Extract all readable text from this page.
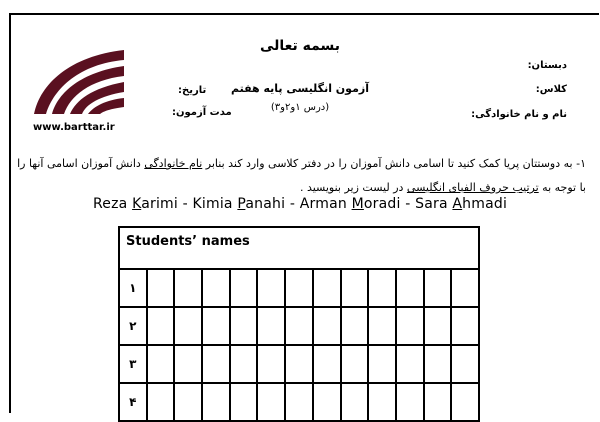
بسمه تعالی
دبستان:
کلاس:
نام و نام خانوادگی:
آزمون انگلیسی پایه هفتم
(درس ۱و۲و۳)
تاریخ:
مدت آزمون:
www.barttar.ir
۱- به دوستتان پریا کمک کنید تا اسامی دانش آموزان را در دفتر کلاسی وارد کند بنابر نام خانوادگی دانش آموزان اسامی آنها را با توجه به ترتیب حروف الفبای انگلیسی در لیست زیر بنویسید .
Reza Karimi - Kimia Panahi - Arman Moradi - Sara Ahmadi
Students’ names												
۱												
۲												
۳												
۴												
